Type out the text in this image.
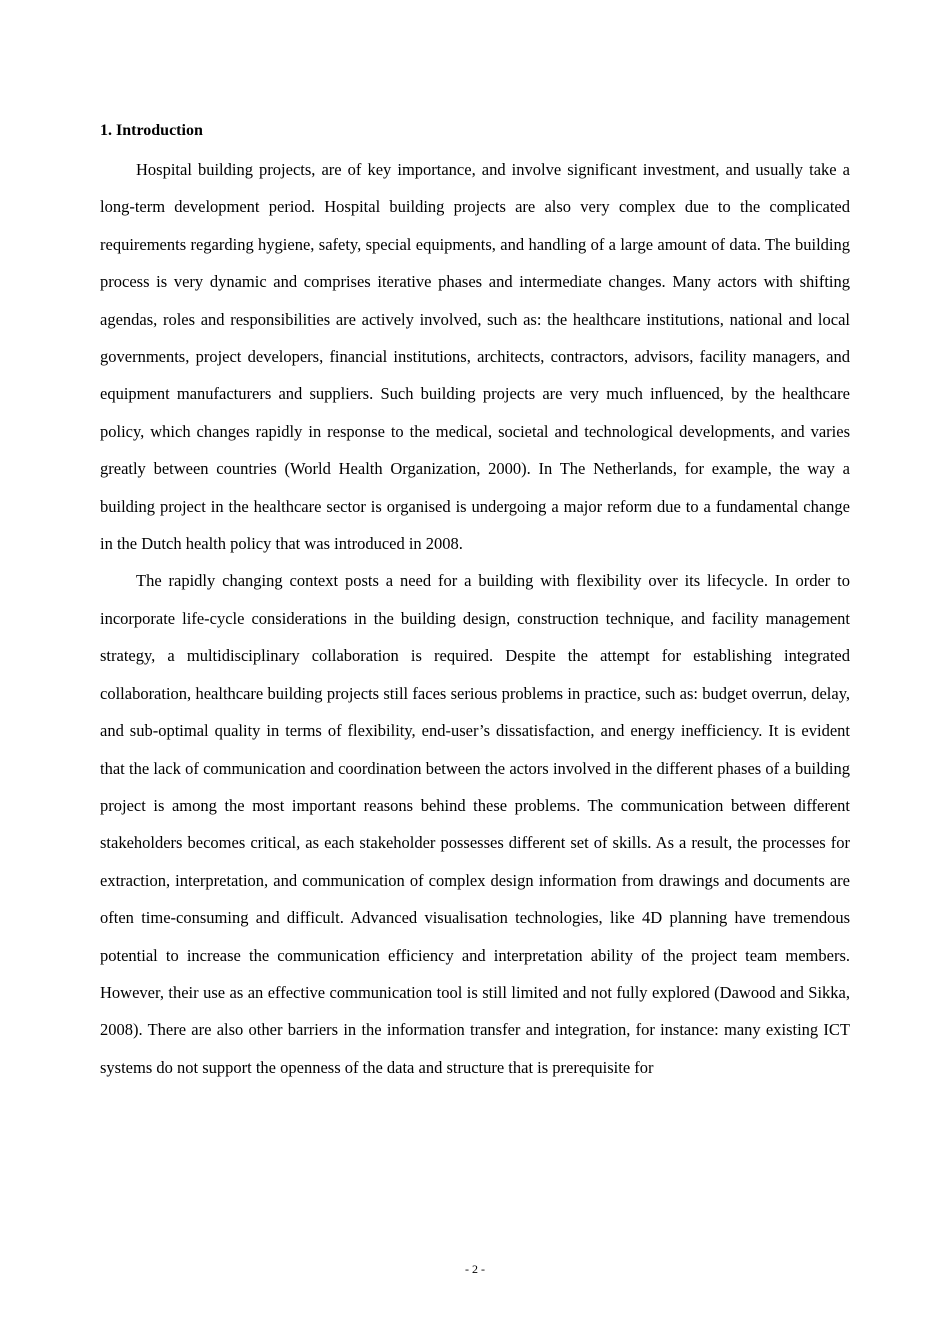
1. Introduction

Hospital building projects, are of key importance, and involve significant investment, and usually take a long-term development period. Hospital building projects are also very complex due to the complicated requirements regarding hygiene, safety, special equipments, and handling of a large amount of data. The building process is very dynamic and comprises iterative phases and intermediate changes. Many actors with shifting agendas, roles and responsibilities are actively involved, such as: the healthcare institutions, national and local governments, project developers, financial institutions, architects, contractors, advisors, facility managers, and equipment manufacturers and suppliers. Such building projects are very much influenced, by the healthcare policy, which changes rapidly in response to the medical, societal and technological developments, and varies greatly between countries (World Health Organization, 2000). In The Netherlands, for example, the way a building project in the healthcare sector is organised is undergoing a major reform due to a fundamental change in the Dutch health policy that was introduced in 2008.

The rapidly changing context posts a need for a building with flexibility over its lifecycle. In order to incorporate life-cycle considerations in the building design, construction technique, and facility management strategy, a multidisciplinary collaboration is required. Despite the attempt for establishing integrated collaboration, healthcare building projects still faces serious problems in practice, such as: budget overrun, delay, and sub-optimal quality in terms of flexibility, end-user’s dissatisfaction, and energy inefficiency. It is evident that the lack of communication and coordination between the actors involved in the different phases of a building project is among the most important reasons behind these problems. The communication between different stakeholders becomes critical, as each stakeholder possesses different set of skills. As a result, the processes for extraction, interpretation, and communication of complex design information from drawings and documents are often time-consuming and difficult. Advanced visualisation technologies, like 4D planning have tremendous potential to increase the communication efficiency and interpretation ability of the project team members. However, their use as an effective communication tool is still limited and not fully explored (Dawood and Sikka, 2008). There are also other barriers in the information transfer and integration, for instance: many existing ICT systems do not support the openness of the data and structure that is prerequisite for

- 2 -
